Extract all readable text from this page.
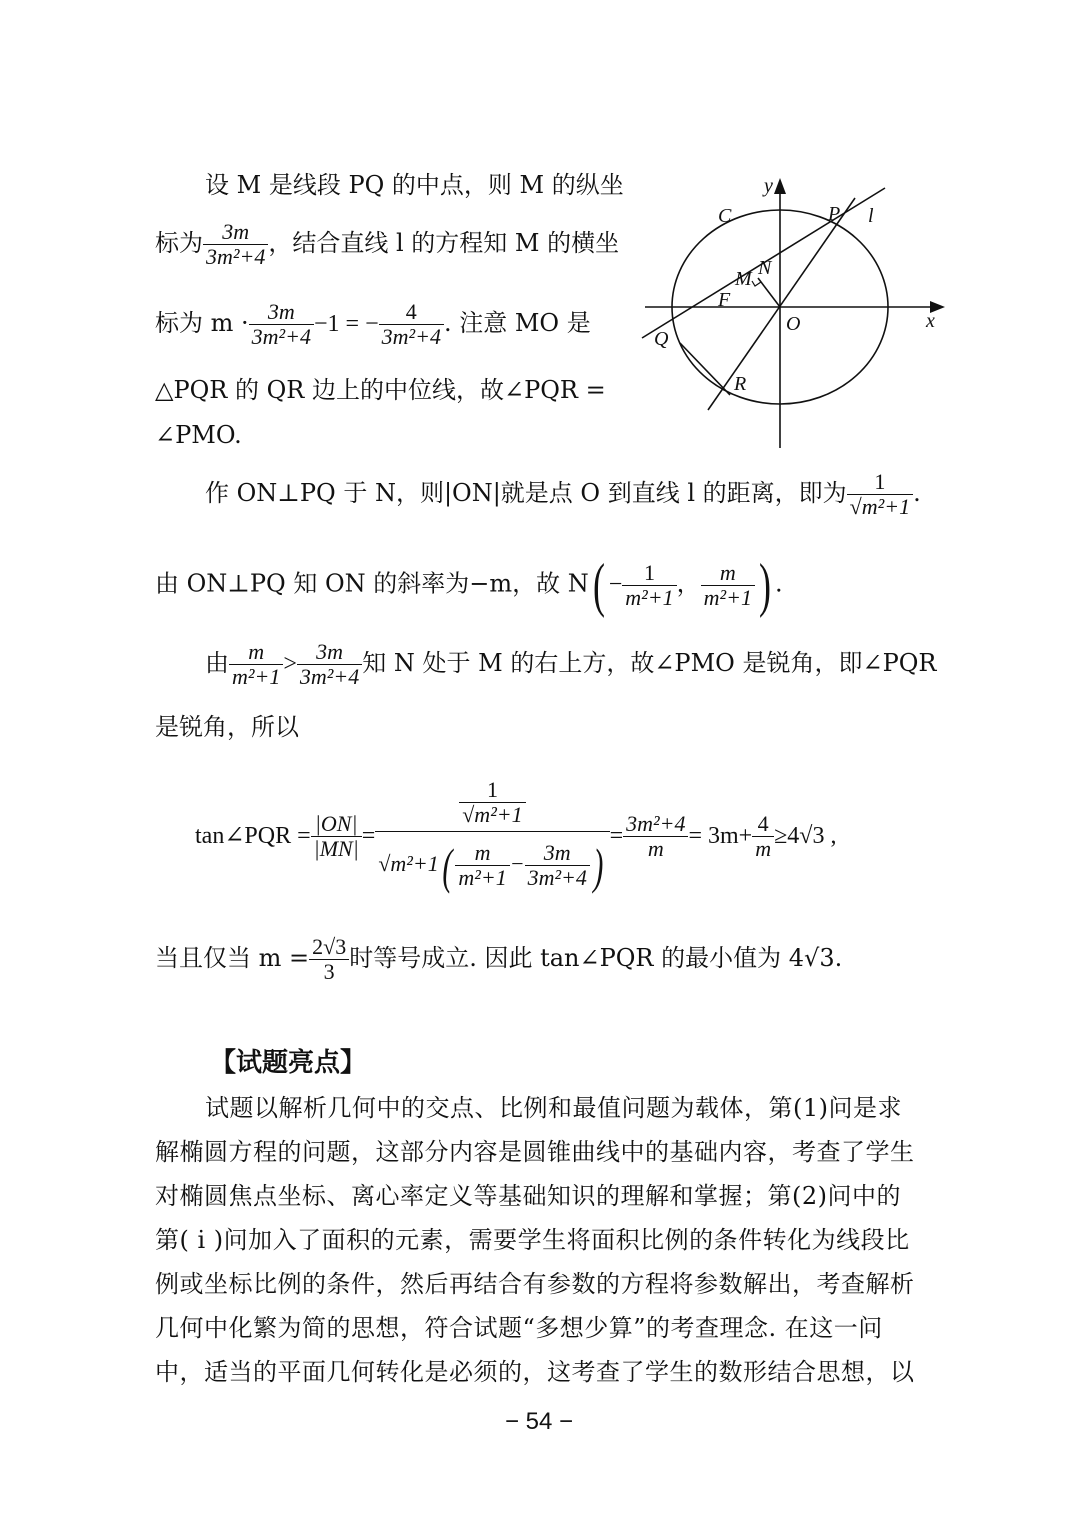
设 M 是线段 PQ 的中点，则 M 的纵坐
标为 $\frac{3m}{\text{3m²+4}}$ ，结合直线 l 的方程知 M 的横坐
标为 $m \cdot \frac{3m}{\text{3m²+4}} -1$ = − $\frac{4}{\text{3m²+4}}$ . 注意 MO 是
△PQR 的 QR 边上的中位线，故∠PQR =
∠PMO.
y
x
C	P l
M N
F
O
Q
R
作 ON⊥PQ 于 N，则|ON|就是点 O 到直线 l 的距离，即为 $\frac{1}{\text{√m²+1}}$ .
由 ON⊥PQ 知 ON 的斜率为−m，故 $N( - \frac{1}{\text{m²+1}}$ ， $\frac{m}{\text{m²+1}}$ ) .
由 $\frac{m}{\text{m²+1}} > \frac{3m}{\text{3m²+4}}$ 知 N 处于 M 的右上方，故∠PMO 是锐角，即∠PQR
是锐角，所以
tan∠PQR = $\frac{|ON|}{|MN|} = \frac{\frac{1}{\text{√m²+1}}}{√m^2+1( \frac{m}{\text{m²+1}} - \frac{3m}{\text{3m²+4}} )} = \frac{\text{3m²+4}}{m} = 3m+ \frac{4}{m} \ge 4√3$ ,
当且仅当 $m = \frac{2√3}{3}$ 时等号成立. 因此 tan∠PQR 的最小值为 4√3.
【试题亮点】
试题以解析几何中的交点、比例和最值问题为载体，第(1)问是求
解椭圆方程的问题，这部分内容是圆锥曲线中的基础内容，考查了学生
对椭圆焦点坐标、离心率定义等基础知识的理解和掌握；第(2)问中的
第( i )问加入了面积的元素，需要学生将面积比例的条件转化为线段比
例或坐标比例的条件，然后再结合有参数的方程将参数解出，考查解析
几何中化繁为简的思想，符合试题“多想少算”的考查理念. 在这一问
中，适当的平面几何转化是必须的，这考查了学生的数形结合思想，以
− 54 −
